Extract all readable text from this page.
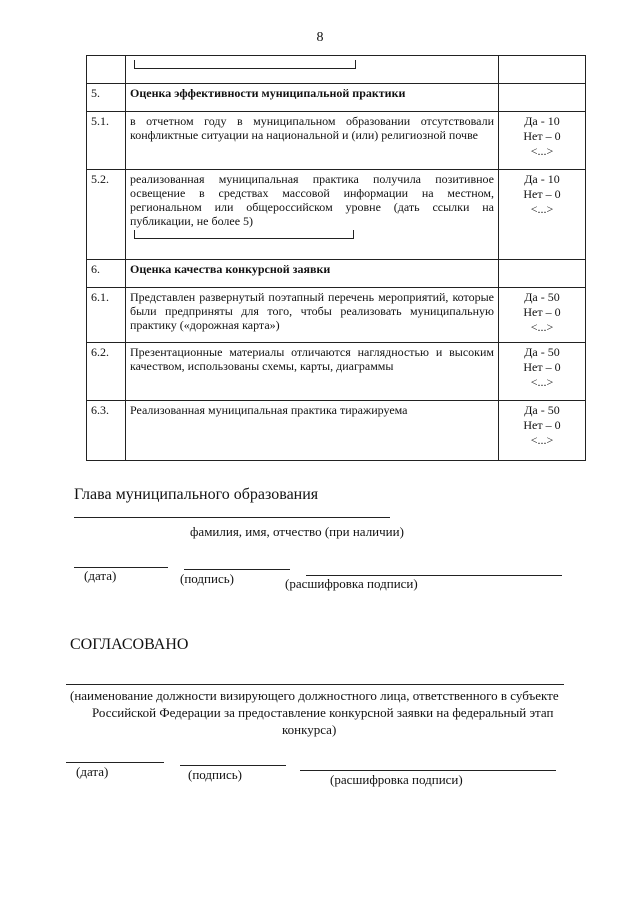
8

5.	Оценка эффективности муниципальной практики	
5.1.	в отчетном году в муниципальном образовании отсутствовали конфликтные ситуации на национальной и (или) религиозной почве	Да - 10
Нет – 0
<...>

5.2.	реализованная муниципальная практика получила позитивное освещение в средствах массовой информации на местном, региональном или общероссийском уровне (дать ссылки на публикации, не более 5)	Да - 10
Нет – 0
<...>

6.	Оценка качества конкурсной заявки	
6.1.	Представлен развернутый поэтапный перечень мероприятий, которые были предприняты для того, чтобы реализовать муниципальную практику («дорожная карта»)	Да - 50
Нет – 0
<...>

6.2.	Презентационные материалы отличаются наглядностью и высоким качеством, использованы схемы, карты, диаграммы	Да - 50
Нет – 0
<...>

6.3.	Реализованная муниципальная практика тиражируема	Да - 50
Нет – 0
<...>
Глава муниципального образования
фамилия, имя, отчество (при наличии)
(дата)	(подпись)	(расшифровка подписи)
СОГЛАСОВАНО
(наименование должности визирующего должностного лица, ответственного в субъекте
Российской Федерации за предоставление конкурсной заявки на федеральный этап
конкурса)
(дата)	(подпись)	(расшифровка подписи)
